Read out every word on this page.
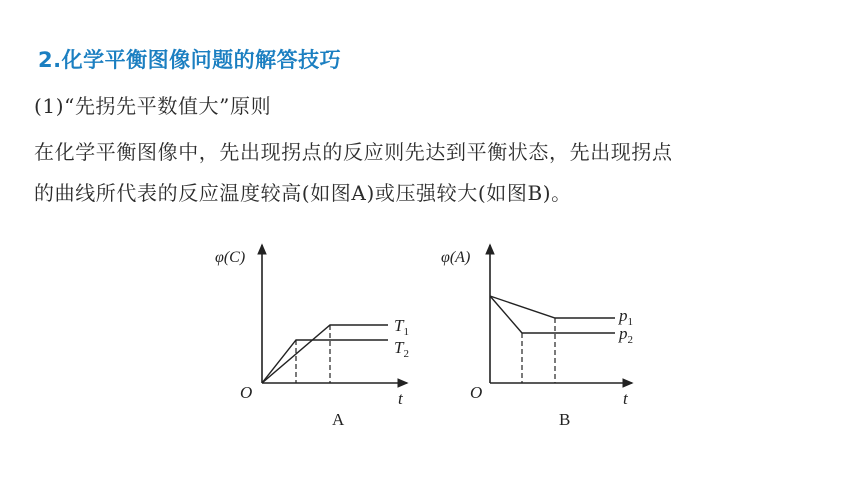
2.化学平衡图像问题的解答技巧
(1)“先拐先平数值大”原则
在化学平衡图像中，先出现拐点的反应则先达到平衡状态，先出现拐点
的曲线所代表的反应温度较高(如图A)或压强较大(如图B)。
φ(C)
O	t
$T_1$
$T_2$
A
φ(A)
O	t
$p_1$
$p_2$
B
